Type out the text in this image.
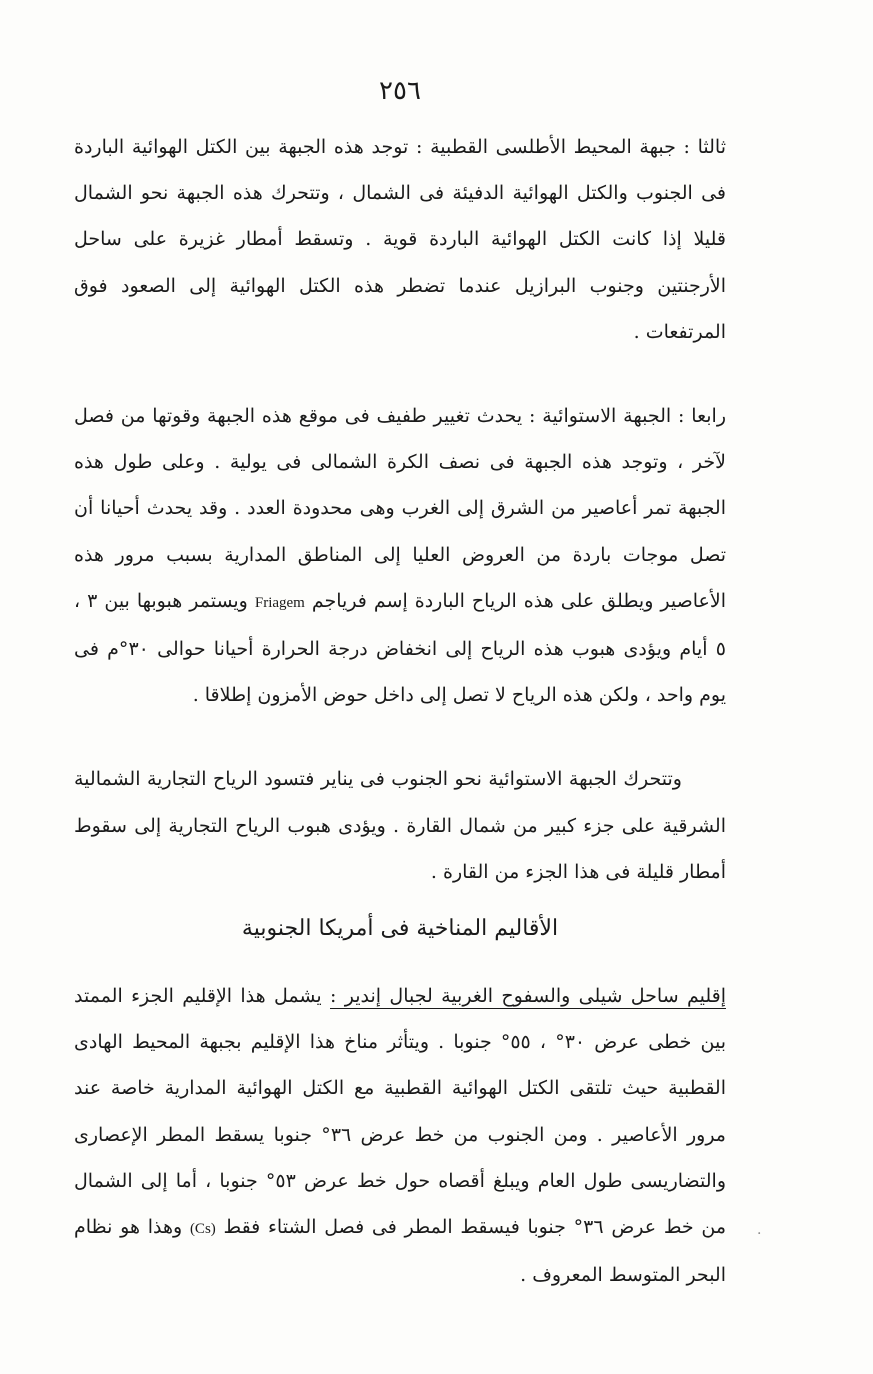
٢٥٦

ثالثا : جبهة المحيط الأطلسى القطبية : توجد هذه الجبهة بين الكتل الهوائية الباردة فى الجنوب والكتل الهوائية الدفيئة فى الشمال ، وتتحرك هذه الجبهة نحو الشمال قليلا إذا كانت الكتل الهوائية الباردة قوية . وتسقط أمطار غزيرة على ساحل الأرجنتين وجنوب البرازيل عندما تضطر هذه الكتل الهوائية إلى الصعود فوق المرتفعات .

رابعا : الجبهة الاستوائية : يحدث تغيير طفيف فى موقع هذه الجبهة وقوتها من فصل لآخر ، وتوجد هذه الجبهة فى نصف الكرة الشمالى فى يولية . وعلى طول هذه الجبهة تمر أعاصير من الشرق إلى الغرب وهى محدودة العدد . وقد يحدث أحيانا أن تصل موجات باردة من العروض العليا إلى المناطق المدارية بسبب مرور هذه الأعاصير ويطلق على هذه الرياح الباردة إسم فرياجم Friagem ويستمر هبوبها بين ٣ ، ٥ أيام ويؤدى هبوب هذه الرياح إلى انخفاض درجة الحرارة أحيانا حوالى ٣٠°م فى يوم واحد ، ولكن هذه الرياح لا تصل إلى داخل حوض الأمزون إطلاقا .

وتتحرك الجبهة الاستوائية نحو الجنوب فى يناير فتسود الرياح التجارية الشمالية الشرقية على جزء كبير من شمال القارة . ويؤدى هبوب الرياح التجارية إلى سقوط أمطار قليلة فى هذا الجزء من القارة .

الأقاليم المناخية فى أمريكا الجنوبية

إقليم ساحل شيلى والسفوح الغربية لجبال إندير : يشمل هذا الإقليم الجزء الممتد بين خطى عرض ٣٠° ، ٥٥° جنوبا . ويتأثر مناخ هذا الإقليم بجبهة المحيط الهادى القطبية حيث تلتقى الكتل الهوائية القطبية مع الكتل الهوائية المدارية خاصة عند مرور الأعاصير . ومن الجنوب من خط عرض ٣٦° جنوبا يسقط المطر الإعصارى والتضاريسى طول العام ويبلغ أقصاه حول خط عرض ٥٣° جنوبا ، أما إلى الشمال من خط عرض ٣٦° جنوبا فيسقط المطر فى فصل الشتاء فقط (Cs) وهذا هو نظام البحر المتوسط المعروف .

·
